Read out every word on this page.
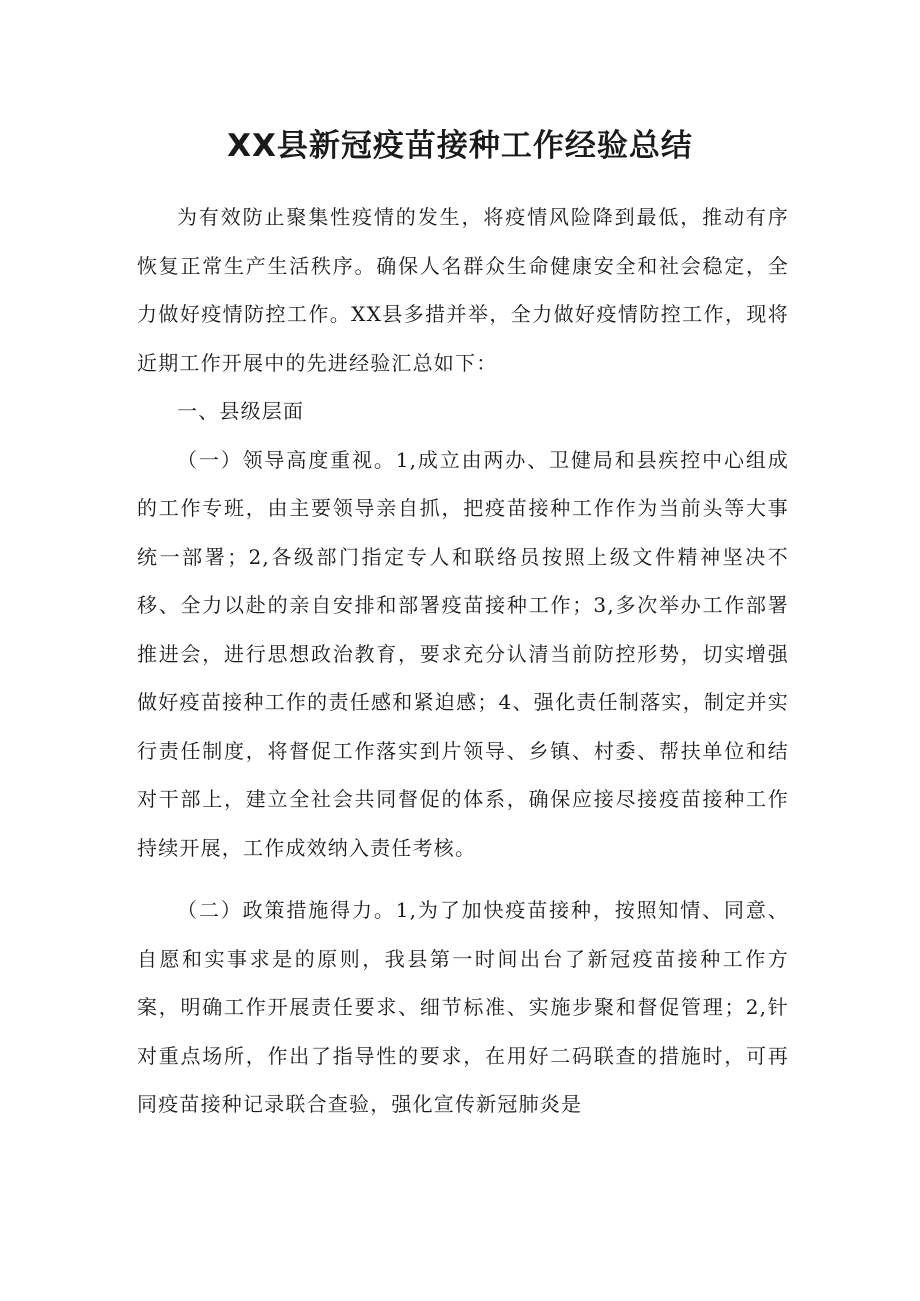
XX县新冠疫苗接种工作经验总结

为有效防止聚集性疫情的发生，将疫情风险降到最低，推动有序恢复正常生产生活秩序。确保人名群众生命健康安全和社会稳定，全力做好疫情防控工作。XX县多措并举，全力做好疫情防控工作，现将近期工作开展中的先进经验汇总如下：

一、县级层面

（一）领导高度重视。1,成立由两办、卫健局和县疾控中心组成的工作专班，由主要领导亲自抓，把疫苗接种工作作为当前头等大事统一部署；2,各级部门指定专人和联络员按照上级文件精神坚决不移、全力以赴的亲自安排和部署疫苗接种工作；3,多次举办工作部署推进会，进行思想政治教育，要求充分认清当前防控形势，切实增强做好疫苗接种工作的责任感和紧迫感；4、强化责任制落实，制定并实行责任制度，将督促工作落实到片领导、乡镇、村委、帮扶单位和结对干部上，建立全社会共同督促的体系，确保应接尽接疫苗接种工作持续开展，工作成效纳入责任考核。

（二）政策措施得力。1,为了加快疫苗接种，按照知情、同意、自愿和实事求是的原则，我县第一时间出台了新冠疫苗接种工作方案，明确工作开展责任要求、细节标准、实施步聚和督促管理；2,针对重点场所，作出了指导性的要求，在用好二码联查的措施时，可再同疫苗接种记录联合查验，强化宣传新冠肺炎是
